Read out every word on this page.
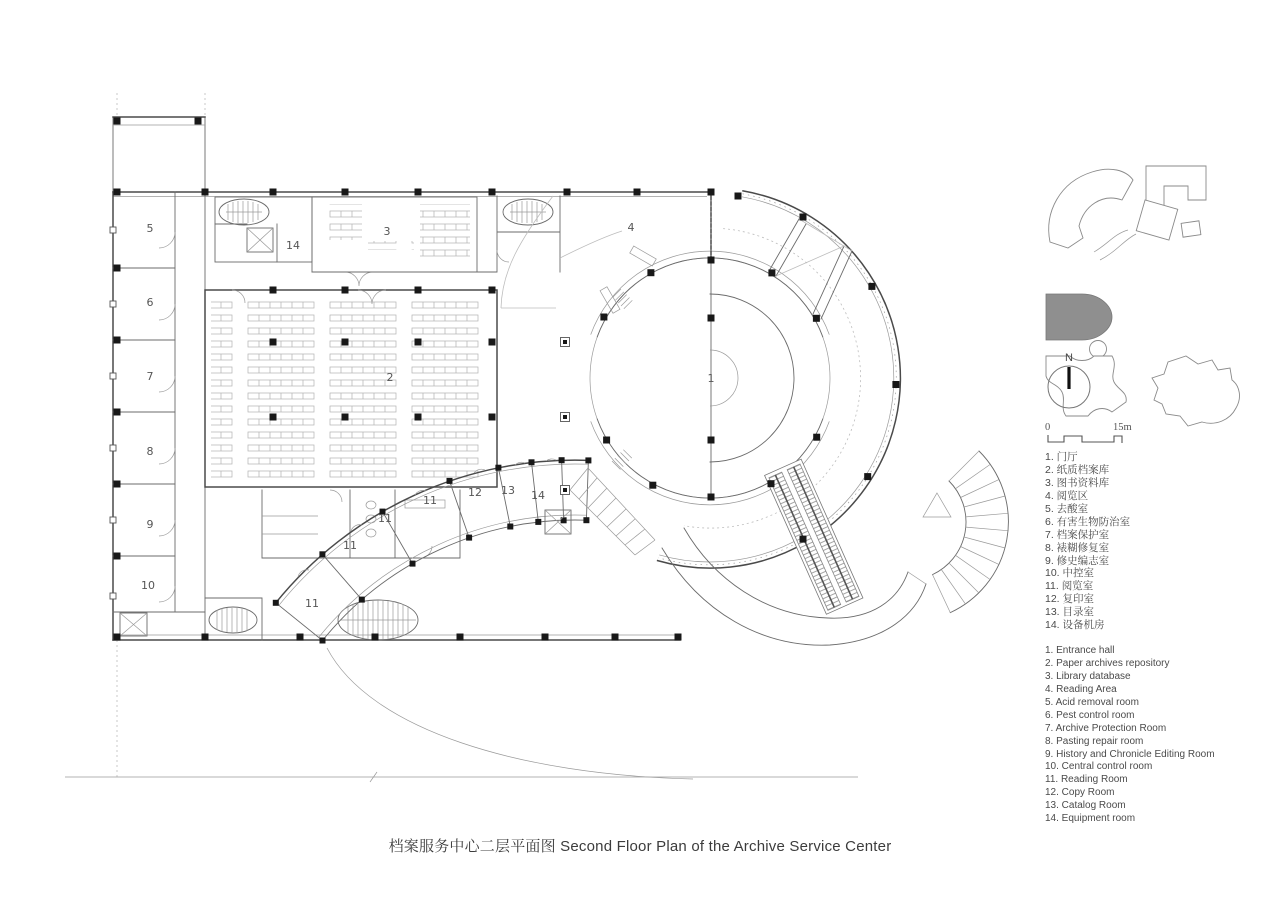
1
2
3	4
5
6
7
8
9
10
11
11
11
11
12 13 14
14
N
0	15m
1. 门厅
2. 纸质档案库
3. 图书资料库
4. 阅览区
5. 去酸室
6. 有害生物防治室
7. 档案保护室
8. 裱糊修复室
9. 修史编志室
10. 中控室
11. 阅览室
12. 复印室
13. 目录室
14. 设备机房
1. Entrance hall
2. Paper archives repository
3. Library database
4. Reading Area
5. Acid removal room
6. Pest control room
7. Archive Protection Room
8. Pasting repair room
9. History and Chronicle Editing Room
10. Central control room
11. Reading Room
12. Copy Room
13. Catalog Room
14. Equipment room
档案服务中心二层平面图 Second Floor Plan of the Archive Service Center
